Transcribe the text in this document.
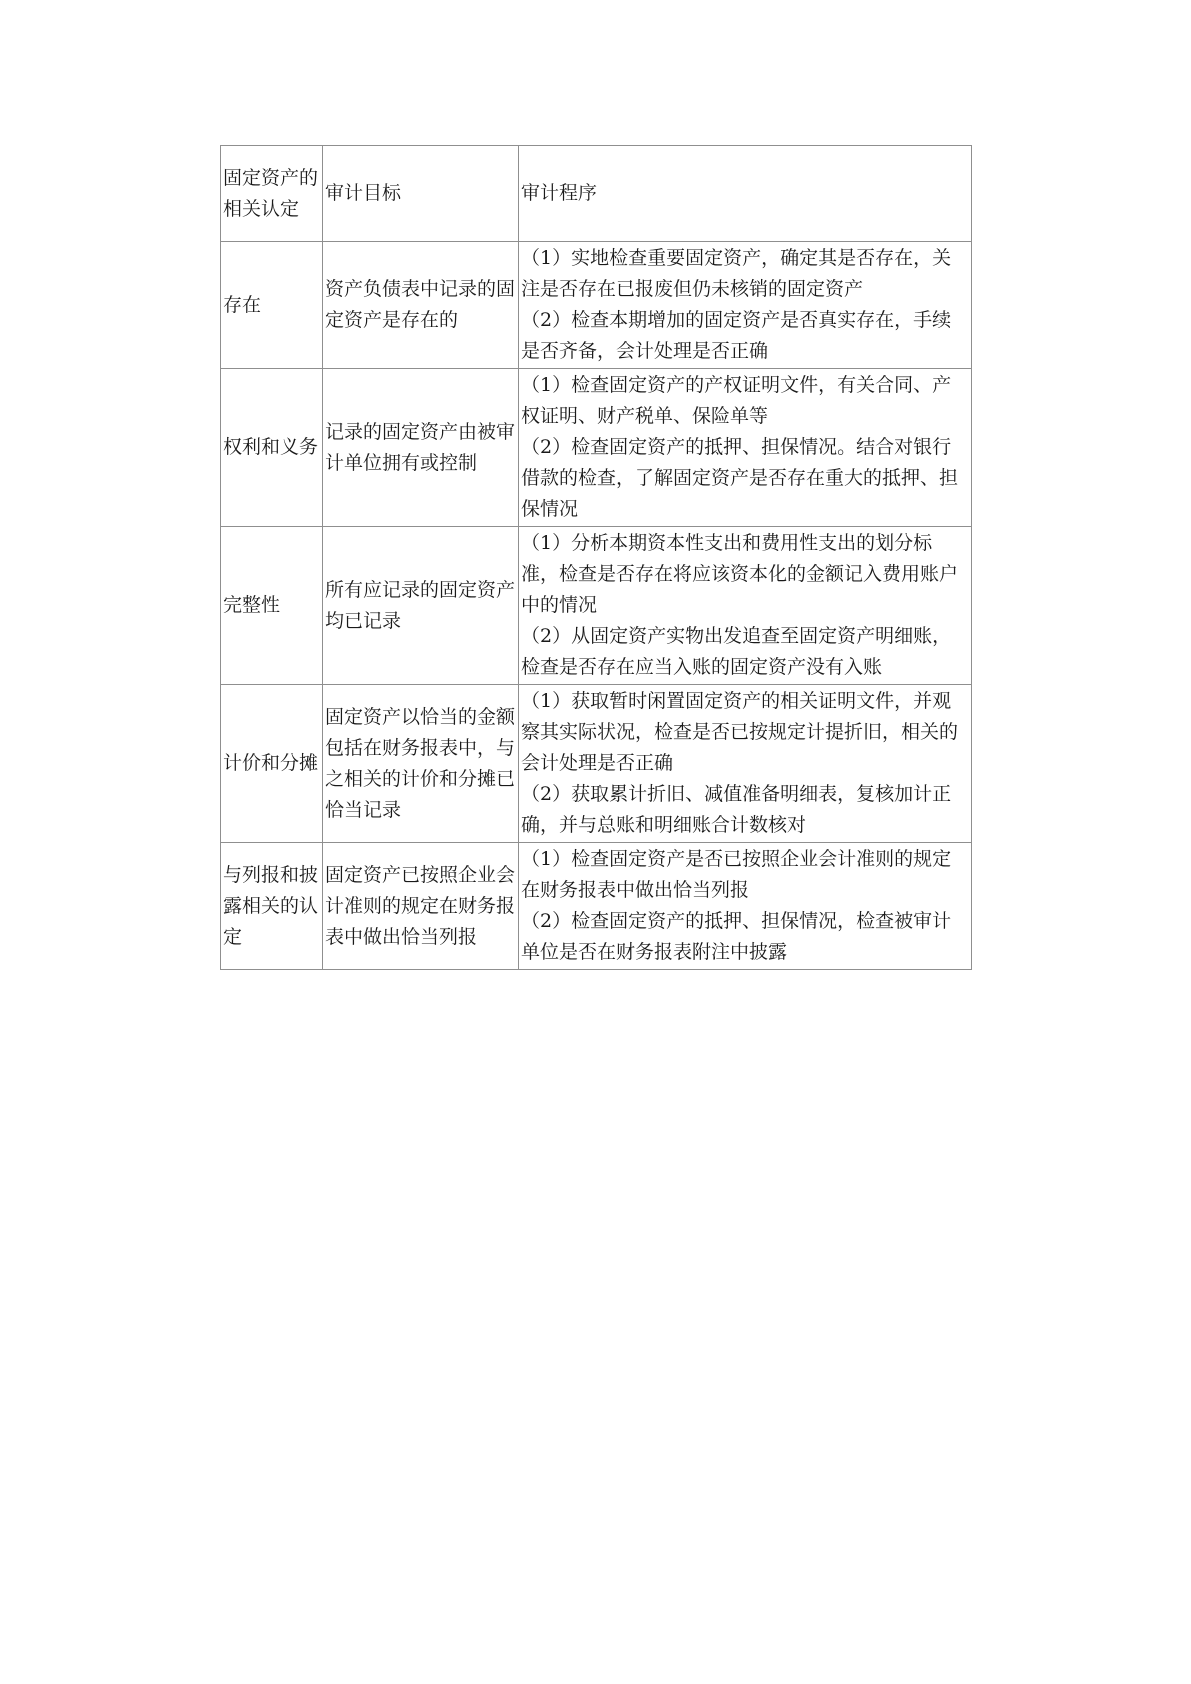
固定资产的相关认定	审计目标	审计程序
存在	资产负债表中记录的固定资产是存在的	（1）实地检查重要固定资产，确定其是否存在，关注是否存在已报废但仍未核销的固定资产
（2）检查本期增加的固定资产是否真实存在，手续是否齐备，会计处理是否正确

权利和义务	记录的固定资产由被审计单位拥有或控制	（1）检查固定资产的产权证明文件，有关合同、产权证明、财产税单、保险单等
（2）检查固定资产的抵押、担保情况。结合对银行借款的检查，了解固定资产是否存在重大的抵押、担保情况

完整性	所有应记录的固定资产均已记录	（1）分析本期资本性支出和费用性支出的划分标准，检查是否存在将应该资本化的金额记入费用账户中的情况
（2）从固定资产实物出发追查至固定资产明细账，检查是否存在应当入账的固定资产没有入账

计价和分摊	固定资产以恰当的金额包括在财务报表中，与之相关的计价和分摊已恰当记录	（1）获取暂时闲置固定资产的相关证明文件，并观察其实际状况，检查是否已按规定计提折旧，相关的会计处理是否正确
（2）获取累计折旧、减值准备明细表，复核加计正确，并与总账和明细账合计数核对

与列报和披露相关的认定	固定资产已按照企业会计准则的规定在财务报表中做出恰当列报	（1）检查固定资产是否已按照企业会计准则的规定在财务报表中做出恰当列报
（2）检查固定资产的抵押、担保情况，检查被审计单位是否在财务报表附注中披露
